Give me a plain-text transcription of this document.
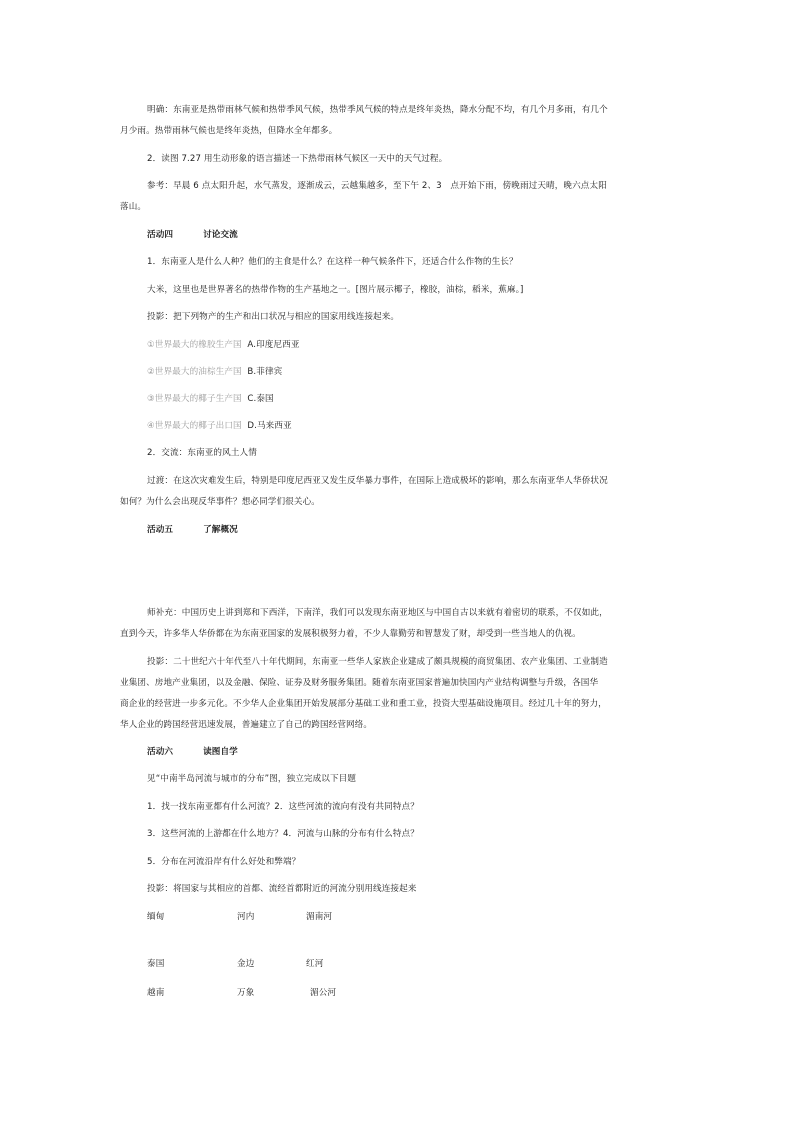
明确：东南亚是热带雨林气候和热带季风气候，热带季风气候的特点是终年炎热，降水分配不均，有几个月多雨，有几个
月少雨。热带雨林气候也是终年炎热，但降水全年都多。
2．读图 7.27 用生动形象的语言描述一下热带雨林气候区一天中的天气过程。
参考：早晨 6 点太阳升起，水气蒸发，逐渐成云，云越集越多，至下午 2、3　点开始下雨，傍晚雨过天晴，晚六点太阳
落山。
活动四	讨论交流
1．东南亚人是什么人种？他们的主食是什么？在这样一种气候条件下，还适合什么作物的生长？
大米，这里也是世界著名的热带作物的生产基地之一。[图片展示椰子，橡胶，油棕，稻米，蕉麻。]
投影：把下列物产的生产和出口状况与相应的国家用线连接起来。
①世界最大的橡胶生产国 A.印度尼西亚
②世界最大的油棕生产国 B.菲律宾
③世界最大的椰子生产国 C.泰国
④世界最大的椰子出口国 D.马来西亚
2．交流：东南亚的风土人情
过渡：在这次灾难发生后，特别是印度尼西亚又发生反华暴力事件，在国际上造成极坏的影响，那么东南亚华人华侨状况
如何？为什么会出现反华事件？想必同学们很关心。
活动五	了解概况
师补充：中国历史上讲到郑和下西洋，下南洋，我们可以发现东南亚地区与中国自古以来就有着密切的联系，不仅如此，
直到今天，许多华人华侨都在为东南亚国家的发展积极努力着，不少人靠勤劳和智慧发了财，却受到一些当地人的仇视。
投影：二十世纪六十年代至八十年代期间，东南亚一些华人家族企业建成了颇具规模的商贸集团、农产业集团、工业制造
业集团、房地产业集团，以及金融、保险、证券及财务服务集团。随着东南亚国家普遍加快国内产业结构调整与升级，各国华
商企业的经营进一步多元化。不少华人企业集团开始发展部分基础工业和重工业，投资大型基础设施项目。经过几十年的努力，
华人企业的跨国经营迅速发展，普遍建立了自己的跨国经营网络。
活动六	读图自学
见“中南半岛河流与城市的分布”图，独立完成以下目题
1．找一找东南亚都有什么河流？2．这些河流的流向有没有共同特点？
3．这些河流的上游都在什么地方？4．河流与山脉的分布有什么特点？
5．分布在河流沿岸有什么好处和弊端？
投影：将国家与其相应的首都、流经首都附近的河流分别用线连接起来
缅甸	河内	湄南河
泰国	金边	红河
越南	万象	湄公河
